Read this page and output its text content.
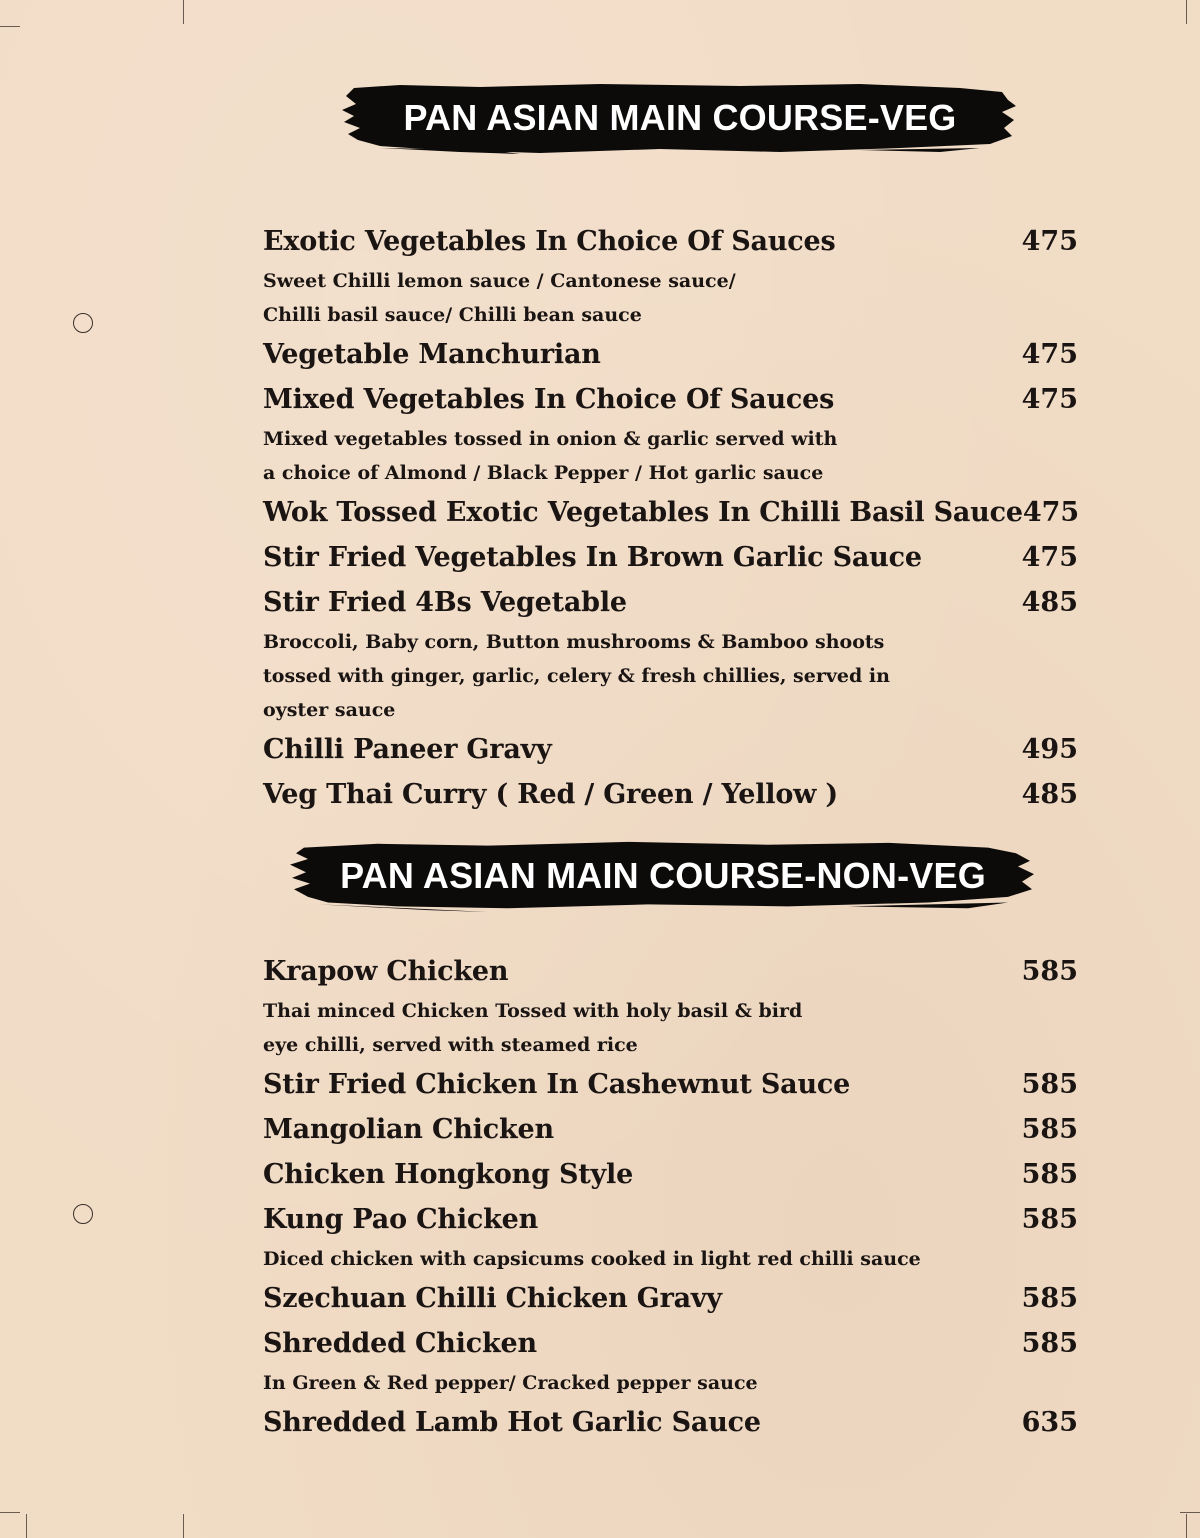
PAN ASIAN MAIN COURSE-VEG
Exotic Vegetables In Choice Of Sauces	475
Sweet Chilli lemon sauce / Cantonese sauce/
Chilli basil sauce/ Chilli bean sauce
Vegetable Manchurian	475
Mixed Vegetables In Choice Of Sauces	475
Mixed vegetables tossed in onion & garlic served with
a choice of Almond / Black Pepper / Hot garlic sauce
Wok Tossed Exotic Vegetables In Chilli Basil Sauce 475
Stir Fried Vegetables In Brown Garlic Sauce	475
Stir Fried 4Bs Vegetable	485
Broccoli, Baby corn, Button mushrooms & Bamboo shoots
tossed with ginger, garlic, celery & fresh chillies, served in
oyster sauce
Chilli Paneer Gravy	495
Veg Thai Curry ( Red / Green / Yellow )	485
PAN ASIAN MAIN COURSE-NON-VEG
Krapow Chicken	585
Thai minced Chicken Tossed with holy basil & bird
eye chilli, served with steamed rice
Stir Fried Chicken In Cashewnut Sauce	585
Mangolian Chicken	585
Chicken Hongkong Style	585
Kung Pao Chicken	585
Diced chicken with capsicums cooked in light red chilli sauce
Szechuan Chilli Chicken Gravy	585
Shredded Chicken	585
In Green & Red pepper/ Cracked pepper sauce
Shredded Lamb Hot Garlic Sauce	635
